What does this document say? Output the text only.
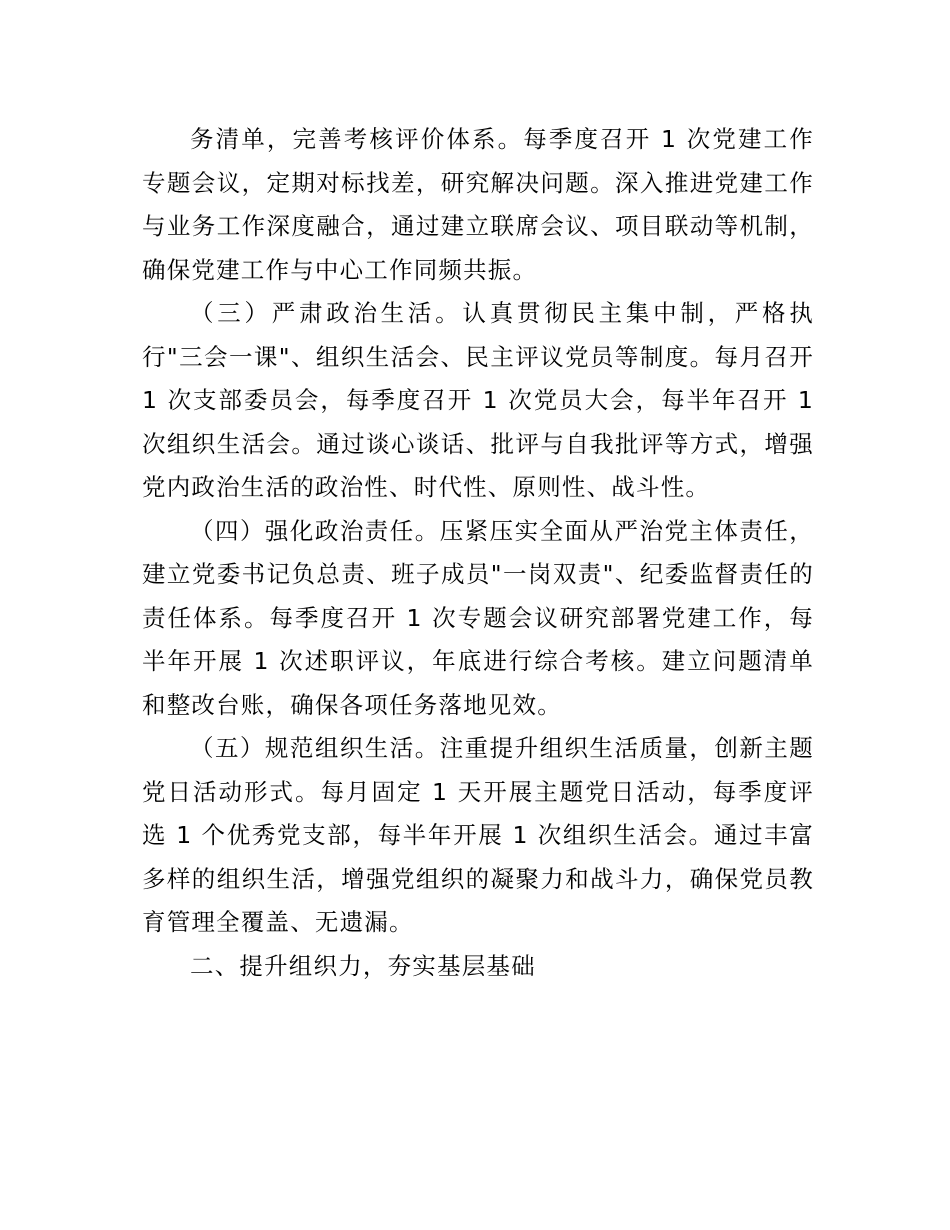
务清单，完善考核评价体系。每季度召开 1 次党建工作专题会议，定期对标找差，研究解决问题。深入推进党建工作与业务工作深度融合，通过建立联席会议、项目联动等机制，确保党建工作与中心工作同频共振。

（三）严肃政治生活。认真贯彻民主集中制，严格执行"三会一课"、组织生活会、民主评议党员等制度。每月召开 1 次支部委员会，每季度召开 1 次党员大会，每半年召开 1 次组织生活会。通过谈心谈话、批评与自我批评等方式，增强党内政治生活的政治性、时代性、原则性、战斗性。

（四）强化政治责任。压紧压实全面从严治党主体责任，建立党委书记负总责、班子成员"一岗双责"、纪委监督责任的责任体系。每季度召开 1 次专题会议研究部署党建工作，每半年开展 1 次述职评议，年底进行综合考核。建立问题清单和整改台账，确保各项任务落地见效。

（五）规范组织生活。注重提升组织生活质量，创新主题党日活动形式。每月固定 1 天开展主题党日活动，每季度评选 1 个优秀党支部，每半年开展 1 次组织生活会。通过丰富多样的组织生活，增强党组织的凝聚力和战斗力，确保党员教育管理全覆盖、无遗漏。

二、提升组织力，夯实基层基础
